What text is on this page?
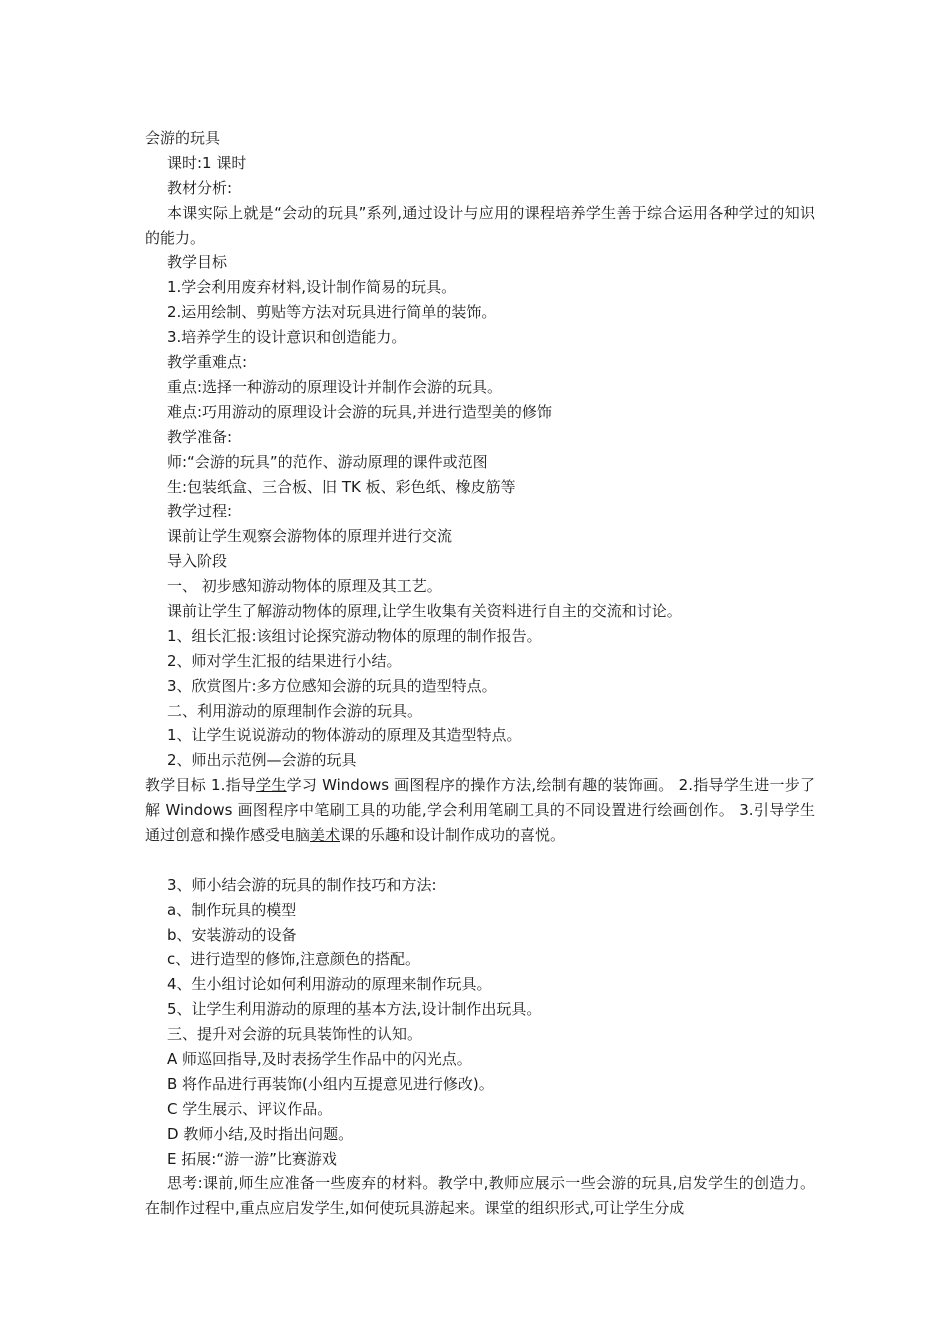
会游的玩具
课时:1 课时
教材分析:
本课实际上就是“会动的玩具”系列,通过设计与应用的课程培养学生善于综合运用各种学过的知识的能力。
教学目标
1.学会利用废弃材料,设计制作简易的玩具。
2.运用绘制、剪贴等方法对玩具进行简单的装饰。
3.培养学生的设计意识和创造能力。
教学重难点:
重点:选择一种游动的原理设计并制作会游的玩具。
难点:巧用游动的原理设计会游的玩具,并进行造型美的修饰
教学准备:
师:“会游的玩具”的范作、游动原理的课件或范图
生:包装纸盒、三合板、旧 TK 板、彩色纸、橡皮筋等
教学过程:
课前让学生观察会游物体的原理并进行交流
导入阶段
一、 初步感知游动物体的原理及其工艺。
课前让学生了解游动物体的原理,让学生收集有关资料进行自主的交流和讨论。
1、组长汇报:该组讨论探究游动物体的原理的制作报告。
2、师对学生汇报的结果进行小结。
3、欣赏图片:多方位感知会游的玩具的造型特点。
二、利用游动的原理制作会游的玩具。
1、让学生说说游动的物体游动的原理及其造型特点。
2、师出示范例—会游的玩具
教学目标 1.指导学生学习 Windows 画图程序的操作方法,绘制有趣的装饰画。 2.指导学生进一步了解 Windows 画图程序中笔刷工具的功能,学会利用笔刷工具的不同设置进行绘画创作。 3.引导学生通过创意和操作感受电脑美术课的乐趣和设计制作成功的喜悦。
3、师小结会游的玩具的制作技巧和方法:
a、制作玩具的模型
b、安装游动的设备
c、进行造型的修饰,注意颜色的搭配。
4、生小组讨论如何利用游动的原理来制作玩具。
5、让学生利用游动的原理的基本方法,设计制作出玩具。
三、提升对会游的玩具装饰性的认知。
A 师巡回指导,及时表扬学生作品中的闪光点。
B 将作品进行再装饰(小组内互提意见进行修改)。
C 学生展示、评议作品。
D 教师小结,及时指出问题。
E 拓展:“游一游”比赛游戏
思考:课前,师生应准备一些废弃的材料。教学中,教师应展示一些会游的玩具,启发学生的创造力。在制作过程中,重点应启发学生,如何使玩具游起来。课堂的组织形式,可让学生分成
